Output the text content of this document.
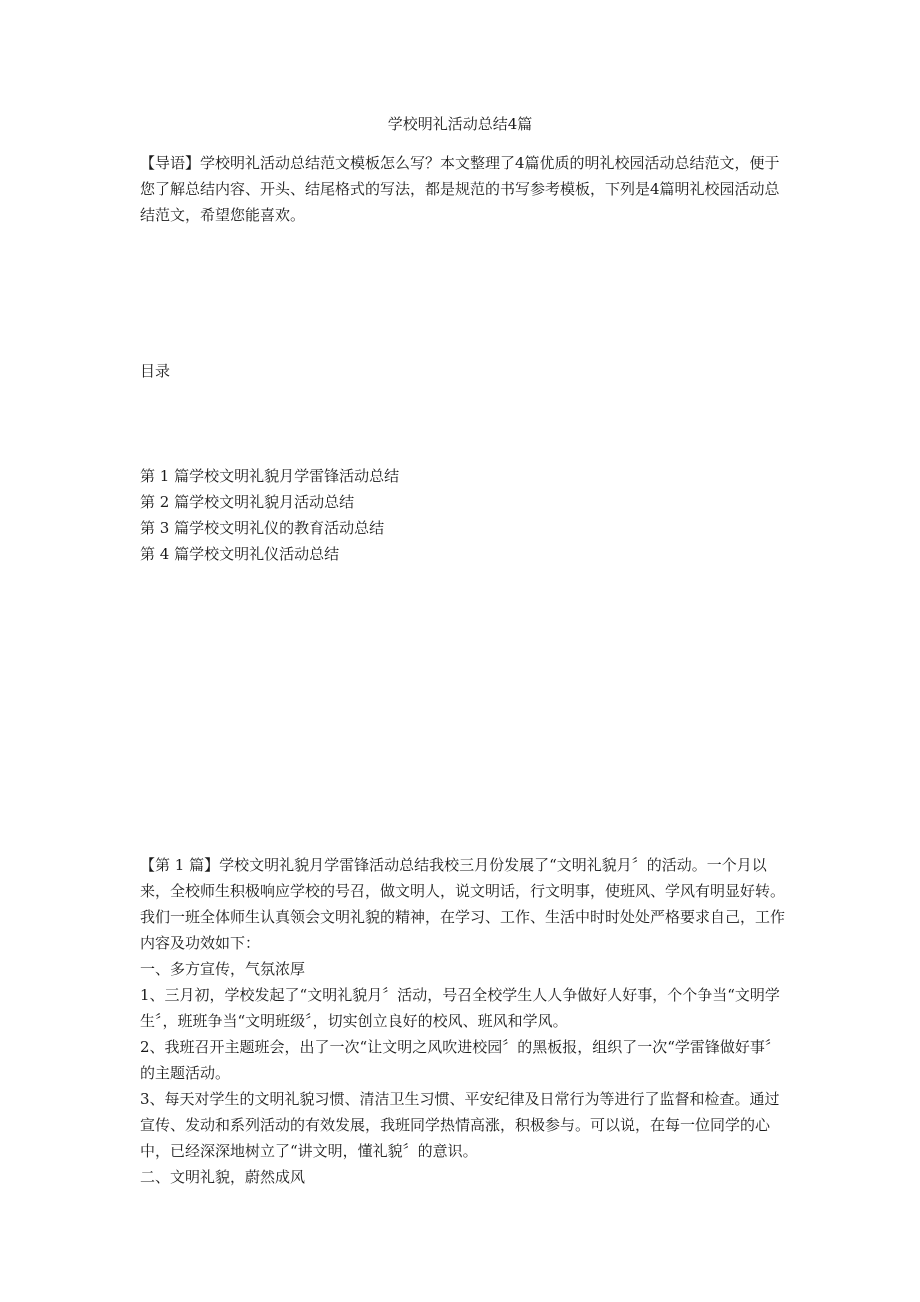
学校明礼活动总结4篇

【导语】学校明礼活动总结范文模板怎么写？本文整理了4篇优质的明礼校园活动总结范文，便于您了解总结内容、开头、结尾格式的写法，都是规范的书写参考模板，下列是4篇明礼校园活动总结范文，希望您能喜欢。

目录
第 1 篇学校文明礼貌月学雷锋活动总结
第 2 篇学校文明礼貌月活动总结
第 3 篇学校文明礼仪的教育活动总结
第 4 篇学校文明礼仪活动总结

【第 1 篇】学校文明礼貌月学雷锋活动总结我校三月份发展了“文明礼貌月〞的活动。一个月以来，全校师生积极响应学校的号召，做文明人，说文明话，行文明事，使班风、学风有明显好转。我们一班全体师生认真领会文明礼貌的精神，在学习、工作、生活中时时处处严格要求自己，工作内容及功效如下：

一、多方宣传，气氛浓厚

1、三月初，学校发起了“文明礼貌月〞活动，号召全校学生人人争做好人好事，个个争当“文明学生〞，班班争当“文明班级〞，切实创立良好的校风、班风和学风。

2、我班召开主题班会，出了一次“让文明之风吹进校园〞的黑板报，组织了一次“学雷锋做好事〞的主题活动。

3、每天对学生的文明礼貌习惯、清洁卫生习惯、平安纪律及日常行为等进行了监督和检查。通过宣传、发动和系列活动的有效发展，我班同学热情高涨，积极参与。可以说，在每一位同学的心中，已经深深地树立了“讲文明，懂礼貌〞的意识。

二、文明礼貌，蔚然成风
